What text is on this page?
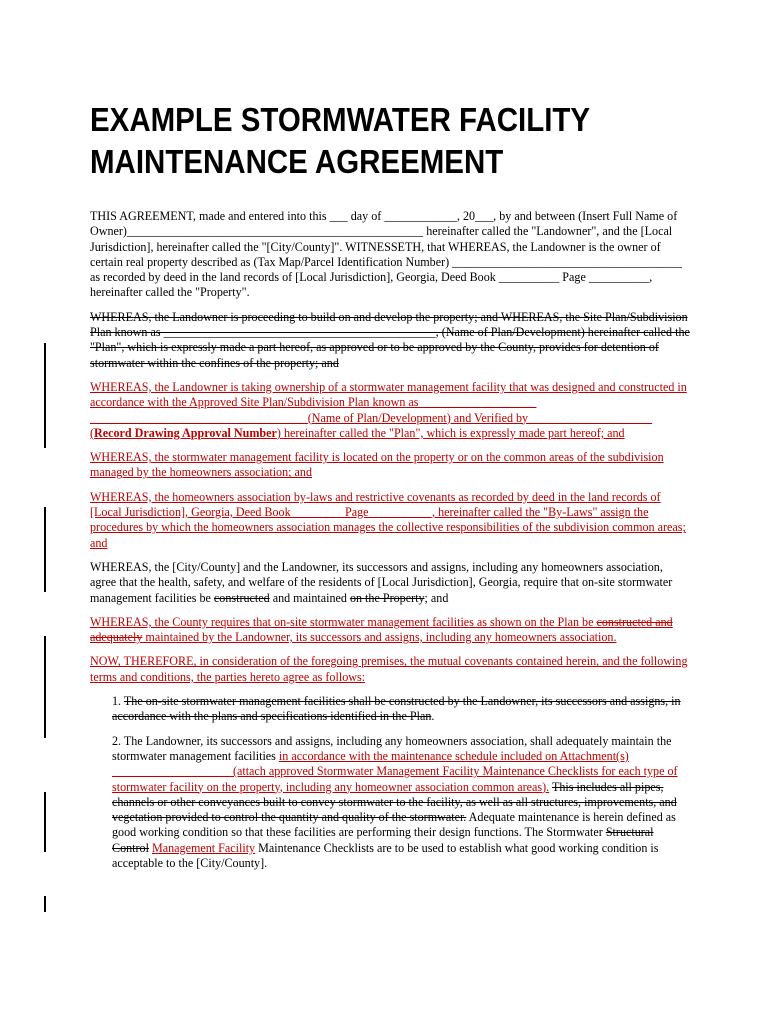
EXAMPLE STORMWATER FACILITY
MAINTENANCE AGREEMENT
THIS AGREEMENT, made and entered into this ___ day of ____________, 20___, by and between (Insert Full Name of Owner)_________________________________________________ hereinafter called the "Landowner", and the [Local Jurisdiction], hereinafter called the "[City/County]". WITNESSETH, that WHEREAS, the Landowner is the owner of certain real property described as (Tax Map/Parcel Identification Number) ______________________________________ as recorded by deed in the land records of [Local Jurisdiction], Georgia, Deed Book __________ Page __________, hereinafter called the "Property".
WHEREAS, the Landowner is proceeding to build on and develop the property; and WHEREAS, the Site Plan/Subdivision Plan known as _____________________________________________, (Name of Plan/Development) hereinafter called the "Plan", which is expressly made a part hereof, as approved or to be approved by the County, provides for detention of stormwater within the confines of the property; and
WHEREAS, the Landowner is taking ownership of a stormwater management facility that was designed and constructed in accordance with the Approved Site Plan/Subdivision Plan known as ___________________ ____________________________________(Name of Plan/Development) and Verified by ____________________ (Record Drawing Approval Number) hereinafter called the "Plan", which is expressly made part hereof; and
WHEREAS, the stormwater management facility is located on the property or on the common areas of the subdivision managed by the homeowners association; and
WHEREAS, the homeowners association by-laws and restrictive covenants as recorded by deed in the land records of [Local Jurisdiction], Georgia, Deed Book ________ Page __________, hereinafter called the "By-Laws" assign the procedures by which the homeowners association manages the collective responsibilities of the subdivision common areas; and
WHEREAS, the [City/County] and the Landowner, its successors and assigns, including any homeowners association, agree that the health, safety, and welfare of the residents of [Local Jurisdiction], Georgia, require that on-site stormwater management facilities be constructed and maintained on the Property; and
WHEREAS, the County requires that on-site stormwater management facilities as shown on the Plan be constructed and adequately maintained by the Landowner, its successors and assigns, including any homeowners association.
NOW, THEREFORE, in consideration of the foregoing premises, the mutual covenants contained herein, and the following terms and conditions, the parties hereto agree as follows:
1. The on-site stormwater management facilities shall be constructed by the Landowner, its successors and assigns, in accordance with the plans and specifications identified in the Plan.
2. The Landowner, its successors and assigns, including any homeowners association, shall adequately maintain the stormwater management facilities in accordance with the maintenance schedule included on Attachment(s) ____________________(attach approved Stormwater Management Facility Maintenance Checklists for each type of stormwater facility on the property, including any homeowner association common areas). This includes all pipes, channels or other conveyances built to convey stormwater to the facility, as well as all structures, improvements, and vegetation provided to control the quantity and quality of the stormwater. Adequate maintenance is herein defined as good working condition so that these facilities are performing their design functions. The Stormwater Structural Control Management Facility Maintenance Checklists are to be used to establish what good working condition is acceptable to the [City/County].
